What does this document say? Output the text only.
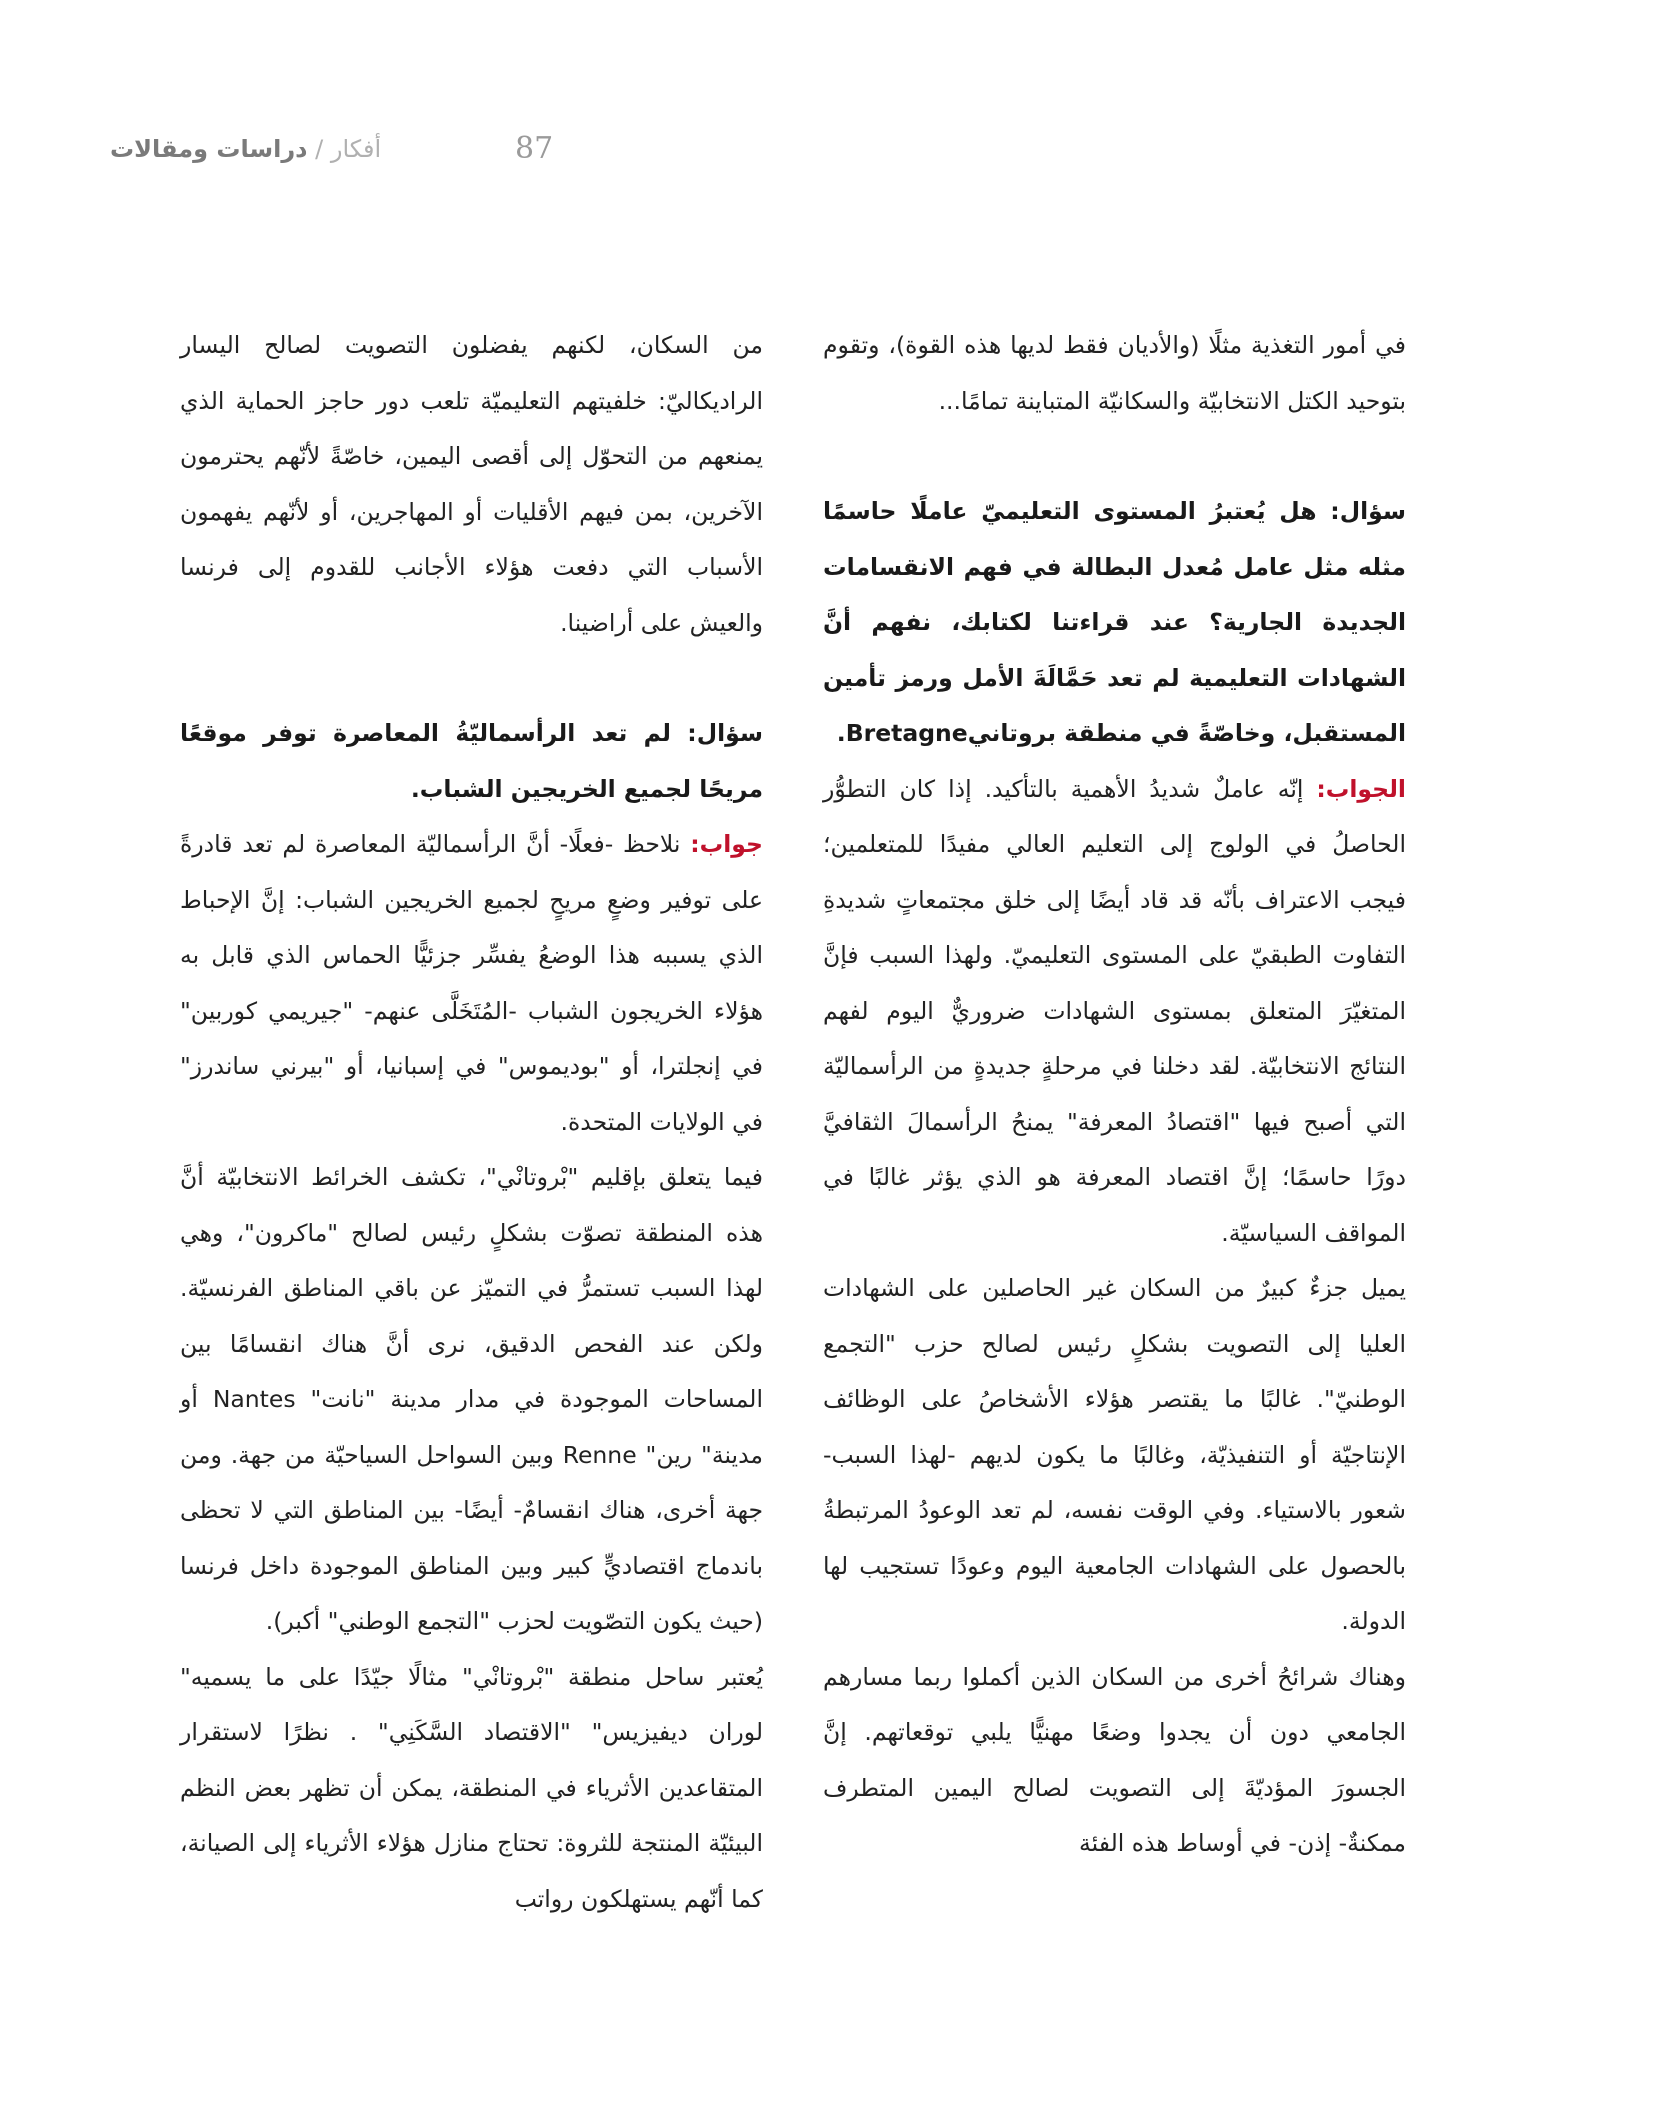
أفكار / دراسات ومقالات	87

في أمور التغذية مثلًا (والأديان فقط لديها هذه القوة)، وتقوم بتوحيد الكتل الانتخابيّة والسكانيّة المتباينة تمامًا...

سؤال: هل يُعتبرُ المستوى التعليميّ عاملًا حاسمًا مثله مثل عامل مُعدل البطالة في فهم الانقسامات الجديدة الجارية؟ عند قراءتنا لكتابك، نفهم أنَّ الشهادات التعليمية لم تعد حَمَّالَةَ الأمل ورمز تأمين المستقبل، وخاصّةً في منطقة بروتانيBretagne.

الجواب: إنّه عاملٌ شديدُ الأهمية بالتأكيد. إذا كان التطوُّر الحاصلُ في الولوج إلى التعليم العالي مفيدًا للمتعلمين؛ فيجب الاعتراف بأنّه قد قاد أيضًا إلى خلق مجتمعاتٍ شديدةِ التفاوت الطبقيّ على المستوى التعليميّ. ولهذا السبب فإنَّ المتغيّرَ المتعلق بمستوى الشهادات ضروريٌّ اليوم لفهم النتائج الانتخابيّة. لقد دخلنا في مرحلةٍ جديدةٍ من الرأسماليّة التي أصبح فيها "اقتصادُ المعرفة" يمنحُ الرأسمالَ الثقافيَّ دورًا حاسمًا؛ إنَّ اقتصاد المعرفة هو الذي يؤثر غالبًا في المواقف السياسيّة.

يميل جزءٌ كبيرٌ من السكان غير الحاصلين على الشهادات العليا إلى التصويت بشكلٍ رئيس لصالح حزب "التجمع الوطنيّ". غالبًا ما يقتصر هؤلاء الأشخاصُ على الوظائف الإنتاجيّة أو التنفيذيّة، وغالبًا ما يكون لديهم -لهذا السبب- شعور بالاستياء. وفي الوقت نفسه، لم تعد الوعودُ المرتبطةُ بالحصول على الشهادات الجامعية اليوم وعودًا تستجيب لها الدولة.

وهناك شرائحُ أخرى من السكان الذين أكملوا ربما مسارهم الجامعي دون أن يجدوا وضعًا مهنيًّا يلبي توقعاتهم. إنَّ الجسورَ المؤديّةَ إلى التصويت لصالح اليمين المتطرف ممكنةٌ- إذن- في أوساط هذه الفئة

من السكان، لكنهم يفضلون التصويت لصالح اليسار الراديكاليّ: خلفيتهم التعليميّة تلعب دور حاجز الحماية الذي يمنعهم من التحوّل إلى أقصى اليمين، خاصّةً لأنّهم يحترمون الآخرين، بمن فيهم الأقليات أو المهاجرين، أو لأنّهم يفهمون الأسباب التي دفعت هؤلاء الأجانب للقدوم إلى فرنسا والعيش على أراضينا.

سؤال: لم تعد الرأسماليّةُ المعاصرة توفر موقعًا مريحًا لجميع الخريجين الشباب.

جواب: نلاحظ -فعلًا- أنَّ الرأسماليّة المعاصرة لم تعد قادرةً على توفير وضعٍ مريحٍ لجميع الخريجين الشباب: إنَّ الإحباط الذي يسببه هذا الوضعُ يفسِّر جزئيًّا الحماس الذي قابل به هؤلاء الخريجون الشباب -المُتَخَلَّى عنهم- "جيريمي كوربين" في إنجلترا، أو "بوديموس" في إسبانيا، أو "بيرني ساندرز" في الولايات المتحدة.

فيما يتعلق بإقليم "بْروتانْي"، تكشف الخرائط الانتخابيّة أنَّ هذه المنطقة تصوّت بشكلٍ رئيس لصالح "ماكرون"، وهي لهذا السبب تستمرُّ في التميّز عن باقي المناطق الفرنسيّة. ولكن عند الفحص الدقيق، نرى أنَّ هناك انقسامًا بين المساحات الموجودة في مدار مدينة "نانت" Nantes أو مدينة" رين" Renne وبين السواحل السياحيّة من جهة. ومن جهة أخرى، هناك انقسامٌ- أيضًا- بين المناطق التي لا تحظى باندماج اقتصاديٍّ كبير وبين المناطق الموجودة داخل فرنسا (حيث يكون التصّويت لحزب "التجمع الوطني" أكبر).

يُعتبر ساحل منطقة "بْروتانْي" مثالًا جيّدًا على ما يسميه" لوران ديفيزيس" "الاقتصاد السَّكَنِي" . نظرًا لاستقرار المتقاعدين الأثرياء في المنطقة، يمكن أن تظهر بعض النظم البيئيّة المنتجة للثروة: تحتاج منازل هؤلاء الأثرياء إلى الصيانة، كما أنّهم يستهلكون رواتب
